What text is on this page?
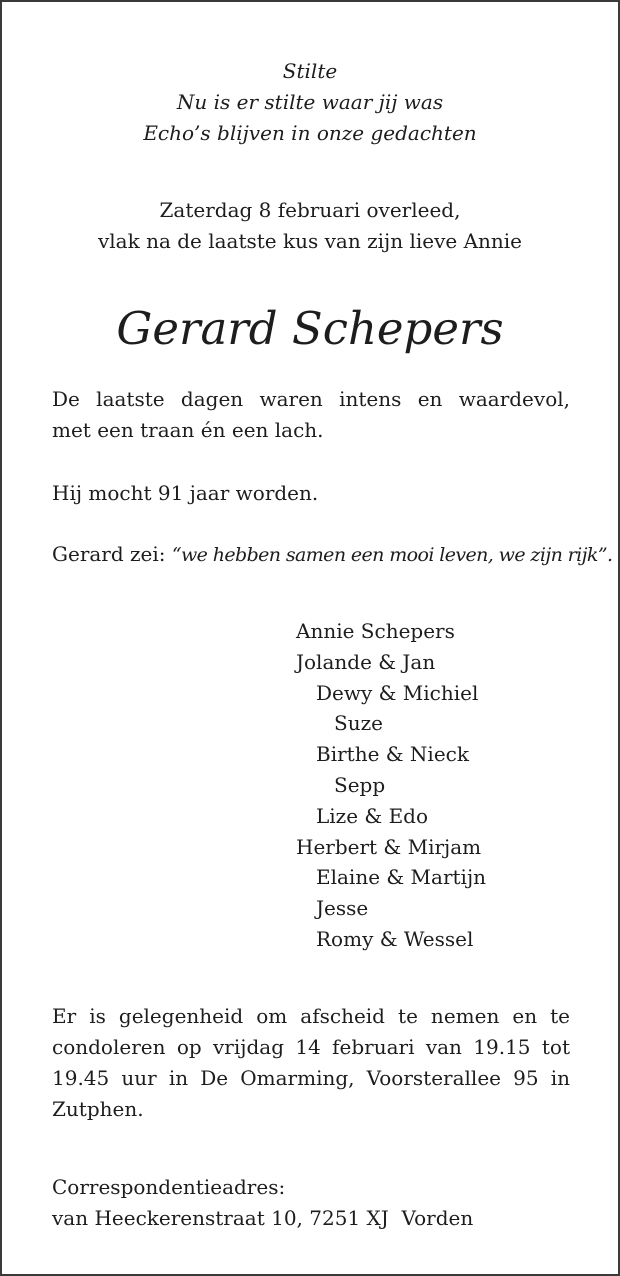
Stilte
Nu is er stilte waar jij was
Echo’s blijven in onze gedachten
Zaterdag 8 februari overleed,
vlak na de laatste kus van zijn lieve Annie
Gerard Schepers
De laatste dagen waren intens en waardevol,
met een traan én een lach.
Hij mocht 91 jaar worden.
Gerard zei: “we hebben samen een mooi leven, we zijn rijk”.
Annie Schepers
Jolande & Jan
Dewy & Michiel
Suze
Birthe & Nieck
Sepp
Lize & Edo
Herbert & Mirjam
Elaine & Martijn
Jesse
Romy & Wessel
Er is gelegenheid om afscheid te nemen en te
condoleren op vrijdag 14 februari van 19.15 tot
19.45 uur in De Omarming, Voorsterallee 95 in
Zutphen.
Correspondentieadres:
van Heeckerenstraat 10, 7251 XJ  Vorden
